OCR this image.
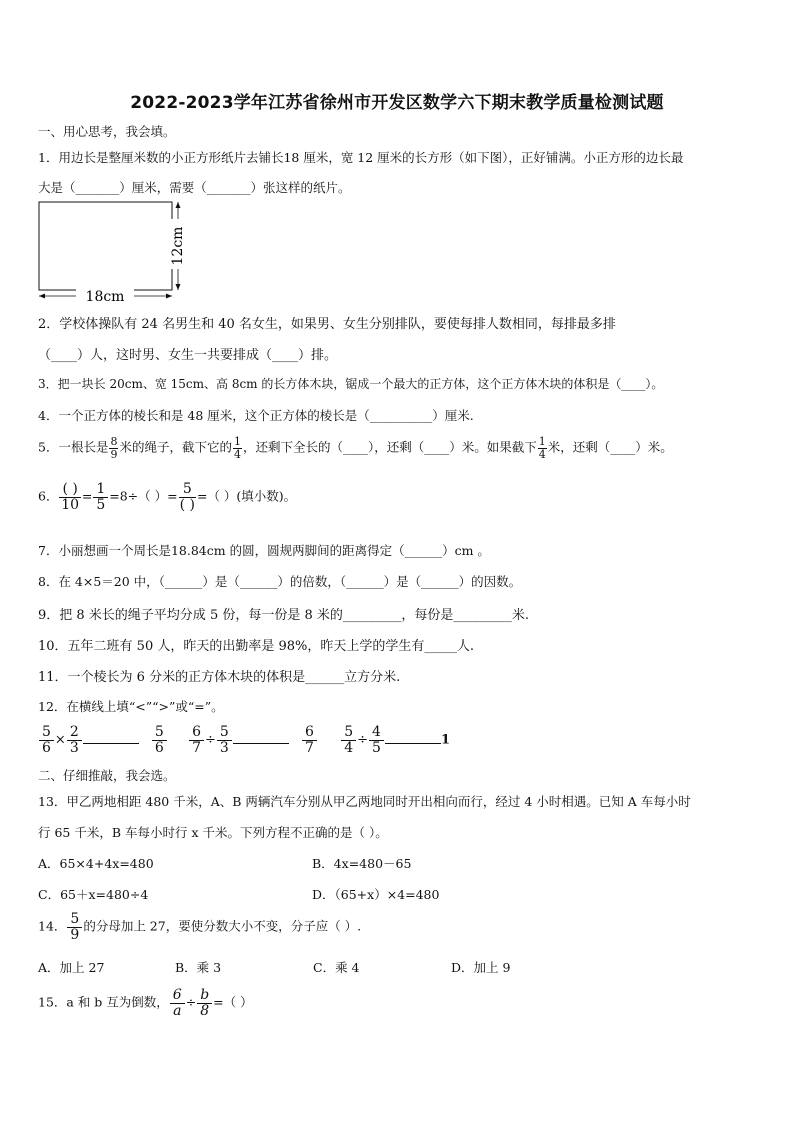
2022-2023学年江苏省徐州市开发区数学六下期末教学质量检测试题
一、用心思考，我会填。
1．用边长是整厘米数的小正方形纸片去铺长18 厘米，宽 12 厘米的长方形（如下图），正好铺满。小正方形的边长最
大是（_______）厘米，需要（_______）张这样的纸片。
18cm
12cm
2．学校体操队有 24 名男生和 40 名女生，如果男、女生分别排队，要使每排人数相同，每排最多排
（____）人，这时男、女生一共要排成（____）排。
3．把一块长 20cm、宽 15cm、高 8cm 的长方体木块，锯成一个最大的正方体，这个正方体木块的体积是（____）。
4．一个正方体的棱长和是 48 厘米，这个正方体的棱长是（__________）厘米.
5．一根长是 $\frac{8}{9}$ 米的绳子，截下它的 $\frac{1}{4}$ ，还剩下全长的（____），还剩（____）米。如果截下 $\frac{1}{4}$ 米，还剩（____）米。
6． $\frac{( )}{10} = \frac{1}{5} =8\div$（ ）= $\frac{5}{( )}$ =（ ）(填小数)。
7．小丽想画一个周长是18.84cm 的圆，圆规两脚间的距离得定（______）cm 。
8．在 4×5＝20 中，（______）是（______）的倍数，（______）是（______）的因数。
9．把 8 米长的绳子平均分成 5 份，每一份是 8 米的_________，每份是_________米.
10．五年二班有 50 人，昨天的出勤率是 98%，昨天上学的学生有_____人.
11．一个棱长为 6 分米的正方体木块的体积是______立方分米.
12．在横线上填“<”“>”或“=”。
$\frac{5}{6} \times \frac{2}{3}$
	$\frac{5}{6}$
$\frac{6}{7} \div \frac{5}{3}$
	$\frac{6}{7}$
$\frac{5}{4} \div \frac{4}{5}$	1
二、仔细推敲，我会选。
13．甲乙两地相距 480 千米，A、B 两辆汽车分别从甲乙两地同时开出相向而行，经过 4 小时相遇。已知 A 车每小时
行 65 千米，B 车每小时行 x 千米。下列方程不正确的是（ ）。
A．65×4+4x=480	B．4x=480－65
C．65＋x=480÷4	D．（65+x）×4=480
14． $\frac{5}{9}$ 的分母加上 27，要使分数大小不变，分子应（ ）.
A．加上 27	B．乘 3	C．乘 4	D．加上 9
15．a 和 b 互为倒数， $\frac{6}{a} \div \frac{b}{8}$ =（ ）
